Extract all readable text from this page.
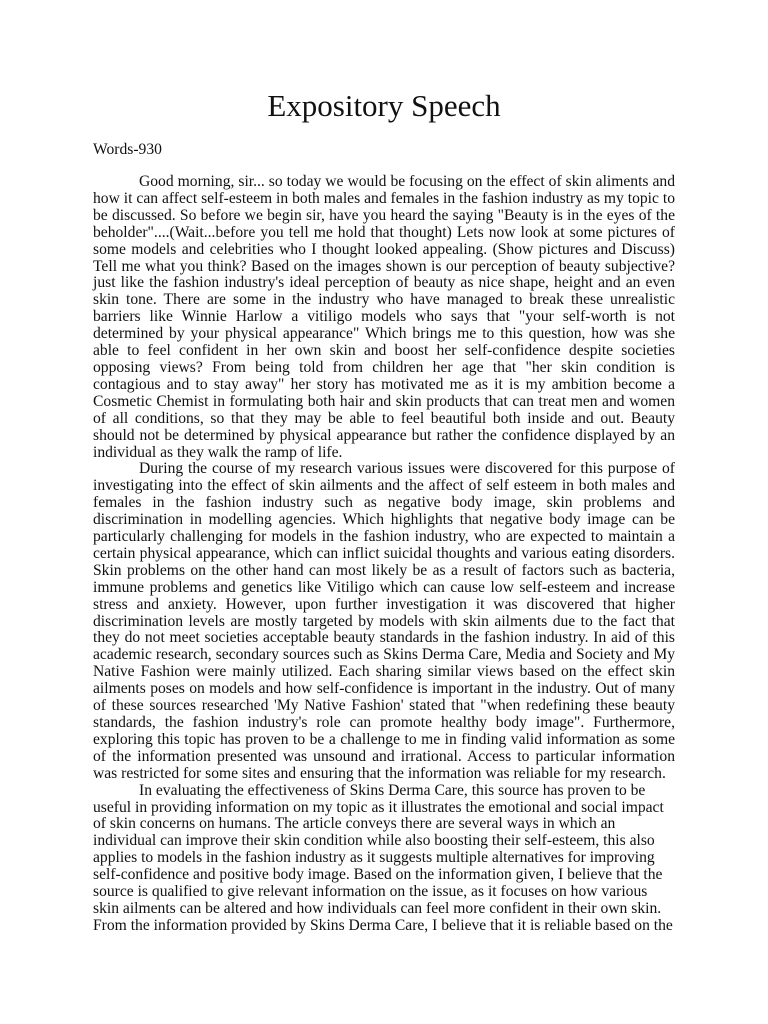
Expository Speech
Words-930

Good morning, sir... so today we would be focusing on the effect of skin aliments and how it can affect self-esteem in both males and females in the fashion industry as my topic to be discussed. So before we begin sir, have you heard the saying "Beauty is in the eyes of the beholder"....(Wait...before you tell me hold that thought) Lets now look at some pictures of some models and celebrities who I thought looked appealing. (Show pictures and Discuss) Tell me what you think? Based on the images shown is our perception of beauty subjective? just like the fashion industry's ideal perception of beauty as nice shape, height and an even skin tone. There are some in the industry who have managed to break these unrealistic barriers like Winnie Harlow a vitiligo models who says that "your self-worth is not determined by your physical appearance" Which brings me to this question, how was she able to feel confident in her own skin and boost her self-confidence despite societies opposing views? From being told from children her age that "her skin condition is contagious and to stay away" her story has motivated me as it is my ambition become a Cosmetic Chemist in formulating both hair and skin products that can treat men and women of all conditions, so that they may be able to feel beautiful both inside and out. Beauty should not be determined by physical appearance but rather the confidence displayed by an individual as they walk the ramp of life.

During the course of my research various issues were discovered for this purpose of investigating into the effect of skin ailments and the affect of self esteem in both males and females in the fashion industry such as negative body image, skin problems and discrimination in modelling agencies. Which highlights that negative body image can be particularly challenging for models in the fashion industry, who are expected to maintain a certain physical appearance, which can inflict suicidal thoughts and various eating disorders. Skin problems on the other hand can most likely be as a result of factors such as bacteria, immune problems and genetics like Vitiligo which can cause low self-esteem and increase stress and anxiety. However, upon further investigation it was discovered that higher discrimination levels are mostly targeted by models with skin ailments due to the fact that they do not meet societies acceptable beauty standards in the fashion industry. In aid of this academic research, secondary sources such as Skins Derma Care, Media and Society and My Native Fashion were mainly utilized. Each sharing similar views based on the effect skin ailments poses on models and how self-confidence is important in the industry. Out of many of these sources researched 'My Native Fashion' stated that "when redefining these beauty standards, the fashion industry's role can promote healthy body image". Furthermore, exploring this topic has proven to be a challenge to me in finding valid information as some of the information presented was unsound and irrational. Access to particular information was restricted for some sites and ensuring that the information was reliable for my research.

In evaluating the effectiveness of Skins Derma Care, this source has proven to be useful in providing information on my topic as it illustrates the emotional and social impact of skin concerns on humans. The article conveys there are several ways in which an individual can improve their skin condition while also boosting their self-esteem, this also applies to models in the fashion industry as it suggests multiple alternatives for improving self-confidence and positive body image. Based on the information given, I believe that the source is qualified to give relevant information on the issue, as it focuses on how various skin ailments can be altered and how individuals can feel more confident in their own skin. From the information provided by Skins Derma Care, I believe that it is reliable based on the
